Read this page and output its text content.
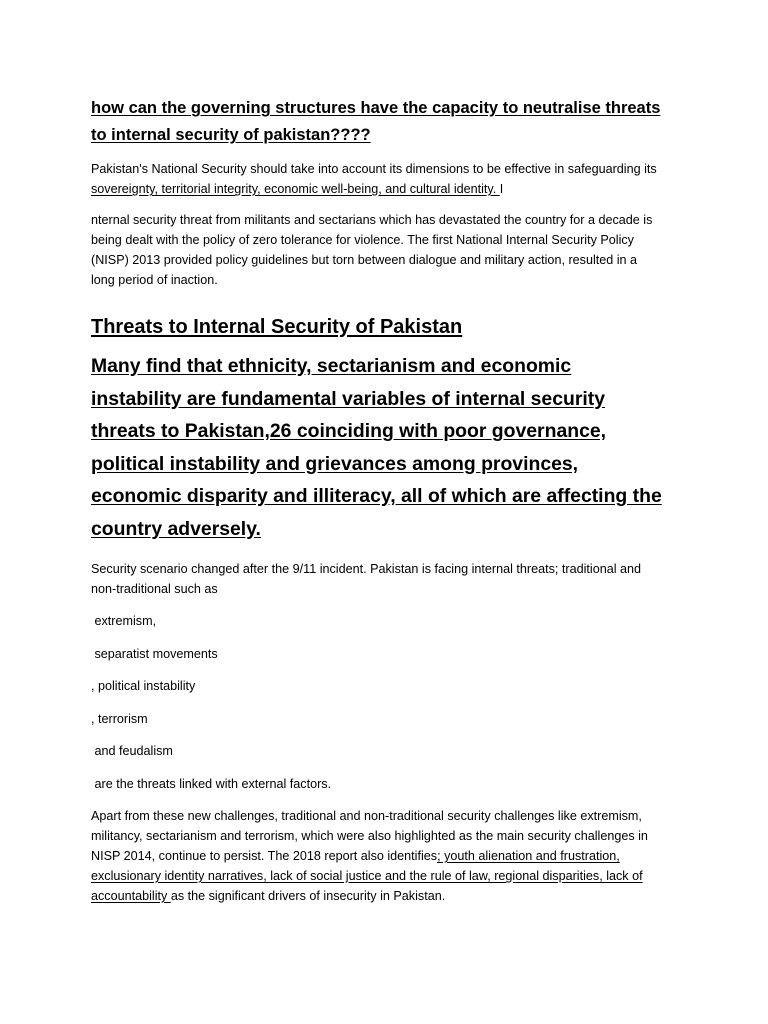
how can the governing structures have the capacity to neutralise threats to internal security of pakistan????

Pakistan's National Security should take into account its dimensions to be effective in safeguarding its sovereignty, territorial integrity, economic well-being, and cultural identity. I

nternal security threat from militants and sectarians which has devastated the country for a decade is being dealt with the policy of zero tolerance for violence. The first National Internal Security Policy (NISP) 2013 provided policy guidelines but torn between dialogue and military action, resulted in a long period of inaction.

Threats to Internal Security of Pakistan
Many find that ethnicity, sectarianism and economic instability are fundamental variables of internal security threats to Pakistan,26 coinciding with poor governance, political instability and grievances among provinces, economic disparity and illiteracy, all of which are affecting the country adversely.

Security scenario changed after the 9/11 incident. Pakistan is facing internal threats; traditional and non-traditional such as

extremism,
separatist movements
, political instability
, terrorism
and feudalism
are the threats linked with external factors.

Apart from these new challenges, traditional and non-traditional security challenges like extremism, militancy, sectarianism and terrorism, which were also highlighted as the main security challenges in NISP 2014, continue to persist. The 2018 report also identifies; youth alienation and frustration, exclusionary identity narratives, lack of social justice and the rule of law, regional disparities, lack of accountability as the significant drivers of insecurity in Pakistan.
